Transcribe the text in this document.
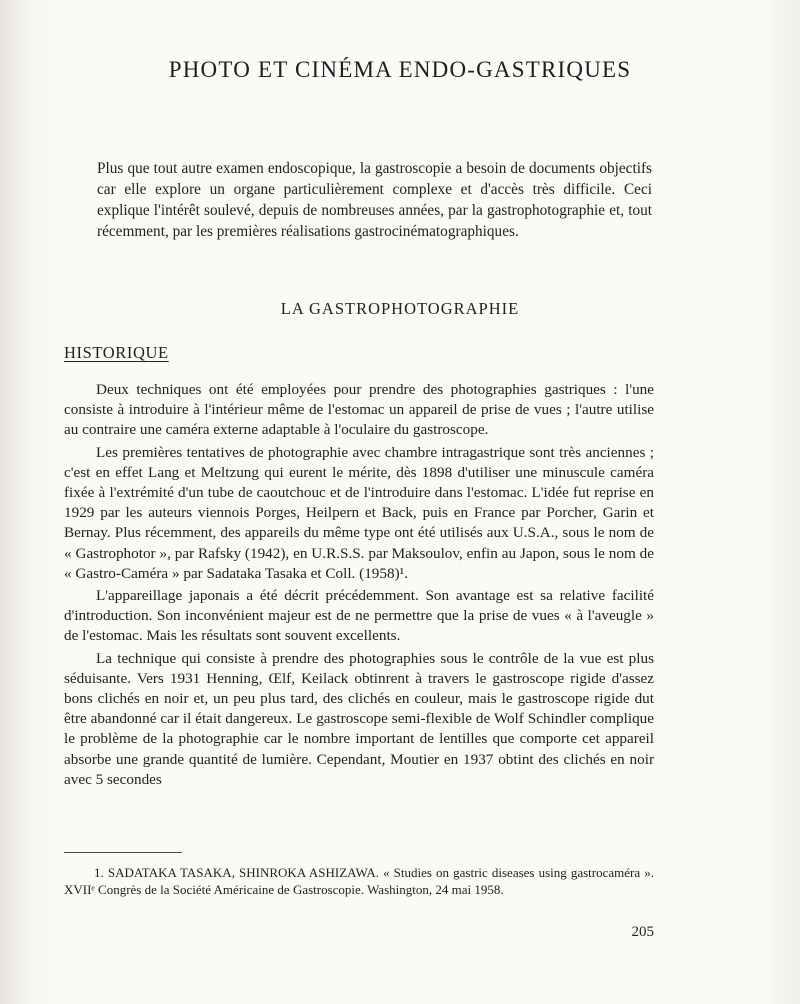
PHOTO ET CINÉMA ENDO-GASTRIQUES

Plus que tout autre examen endoscopique, la gastroscopie a besoin de documents objectifs car elle explore un organe particulièrement complexe et d'accès très difficile. Ceci explique l'intérêt soulevé, depuis de nombreuses années, par la gastrophotographie et, tout récemment, par les premières réalisations gastrocinématographiques.

LA GASTROPHOTOGRAPHIE
HISTORIQUE

Deux techniques ont été employées pour prendre des photographies gastriques : l'une consiste à introduire à l'intérieur même de l'estomac un appareil de prise de vues ; l'autre utilise au contraire une caméra externe adaptable à l'oculaire du gastroscope.

Les premières tentatives de photographie avec chambre intragastrique sont très anciennes ; c'est en effet Lang et Meltzung qui eurent le mérite, dès 1898 d'utiliser une minuscule caméra fixée à l'extrémité d'un tube de caoutchouc et de l'introduire dans l'estomac. L'idée fut reprise en 1929 par les auteurs viennois Porges, Heilpern et Back, puis en France par Porcher, Garin et Bernay. Plus récemment, des appareils du même type ont été utilisés aux U.S.A., sous le nom de « Gastrophotor », par Rafsky (1942), en U.R.S.S. par Maksoulov, enfin au Japon, sous le nom de « Gastro-Caméra » par Sadataka Tasaka et Coll. (1958)¹.

L'appareillage japonais a été décrit précédemment. Son avantage est sa relative facilité d'introduction. Son inconvénient majeur est de ne permettre que la prise de vues « à l'aveugle » de l'estomac. Mais les résultats sont souvent excellents.

La technique qui consiste à prendre des photographies sous le contrôle de la vue est plus séduisante. Vers 1931 Henning, Œlf, Keilack obtinrent à travers le gastroscope rigide d'assez bons clichés en noir et, un peu plus tard, des clichés en couleur, mais le gastroscope rigide dut être abandonné car il était dangereux. Le gastroscope semi-flexible de Wolf Schindler complique le problème de la photographie car le nombre important de lentilles que comporte cet appareil absorbe une grande quantité de lumière. Cependant, Moutier en 1937 obtint des clichés en noir avec 5 secondes

1. SADATAKA TASAKA, SHINROKA ASHIZAWA. « Studies on gastric diseases using gastrocaméra ». XVIIᵉ Congrès de la Société Américaine de Gastroscopie. Washington, 24 mai 1958.

205
